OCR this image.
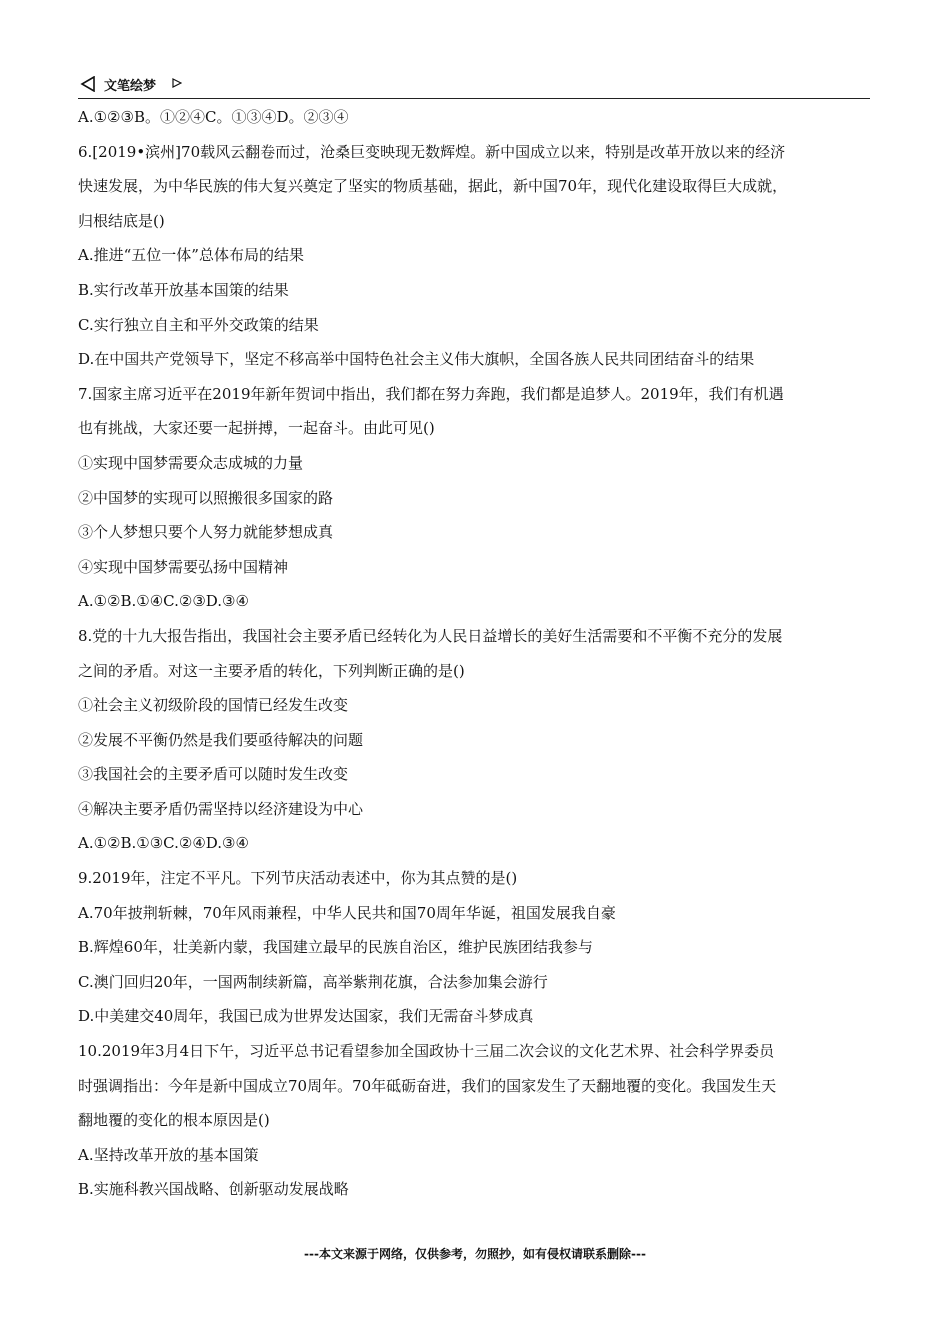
文笔绘梦
A.①②③B。①②④C。①③④D。②③④
6.[2019•滨州]70载风云翻卷而过，沧桑巨变映现无数辉煌。新中国成立以来，特别是改革开放以来的经济
快速发展，为中华民族的伟大复兴奠定了坚实的物质基础，据此，新中国70年，现代化建设取得巨大成就，
归根结底是()
A.推进“五位一体”总体布局的结果
B.实行改革开放基本国策的结果
C.实行独立自主和平外交政策的结果
D.在中国共产党领导下，坚定不移高举中国特色社会主义伟大旗帜，全国各族人民共同团结奋斗的结果
7.国家主席习近平在2019年新年贺词中指出，我们都在努力奔跑，我们都是追梦人。2019年，我们有机遇
也有挑战，大家还要一起拼搏，一起奋斗。由此可见()
①实现中国梦需要众志成城的力量
②中国梦的实现可以照搬很多国家的路
③个人梦想只要个人努力就能梦想成真
④实现中国梦需要弘扬中国精神
A.①②B.①④C.②③D.③④
8.党的十九大报告指出，我国社会主要矛盾已经转化为人民日益增长的美好生活需要和不平衡不充分的发展
之间的矛盾。对这一主要矛盾的转化，下列判断正确的是()
①社会主义初级阶段的国情已经发生改变
②发展不平衡仍然是我们要亟待解决的问题
③我国社会的主要矛盾可以随时发生改变
④解决主要矛盾仍需坚持以经济建设为中心
A.①②B.①③C.②④D.③④
9.2019年，注定不平凡。下列节庆活动表述中，你为其点赞的是()
A.70年披荆斩棘，70年风雨兼程，中华人民共和国70周年华诞，祖国发展我自豪
B.辉煌60年，壮美新内蒙，我国建立最早的民族自治区，维护民族团结我参与
C.澳门回归20年，一国两制续新篇，高举紫荆花旗，合法参加集会游行
D.中美建交40周年，我国已成为世界发达国家，我们无需奋斗梦成真
10.2019年3月4日下午，习近平总书记看望参加全国政协十三届二次会议的文化艺术界、社会科学界委员
时强调指出：今年是新中国成立70周年。70年砥砺奋进，我们的国家发生了天翻地覆的变化。我国发生天
翻地覆的变化的根本原因是()
A.坚持改革开放的基本国策
B.实施科教兴国战略、创新驱动发展战略
---本文来源于网络，仅供参考，勿照抄，如有侵权请联系删除---
